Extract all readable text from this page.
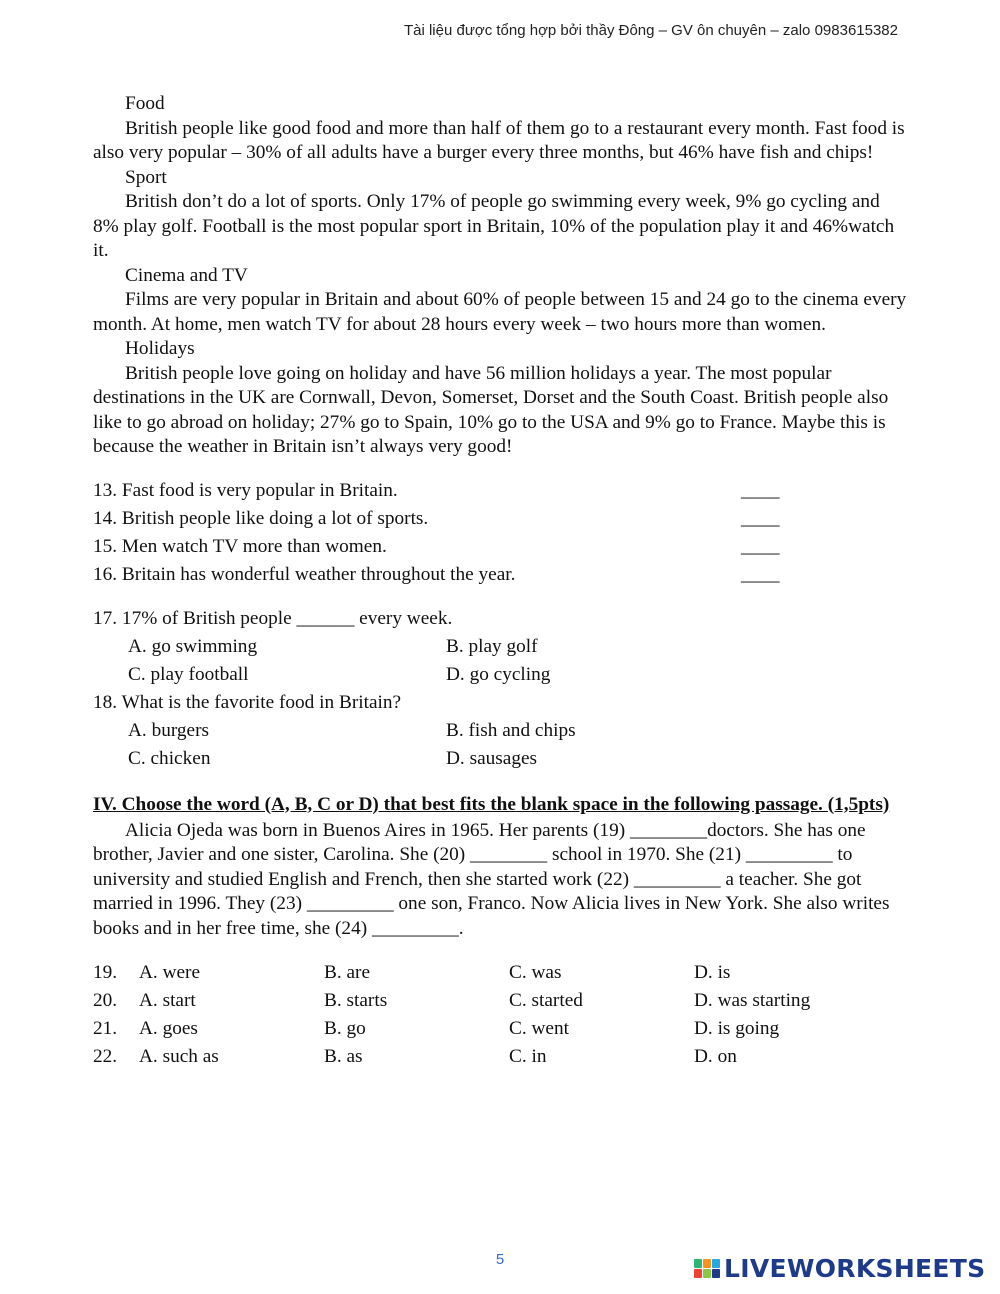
Tài liệu được tổng hợp bởi thầy Đông – GV ôn chuyên – zalo 0983615382
Food
British people like good food and more than half of them go to a restaurant every month. Fast food is also very popular – 30% of all adults have a burger every three months, but 46% have fish and chips!
Sport
British don’t do a lot of sports. Only 17% of people go swimming every week, 9% go cycling and 8% play golf. Football is the most popular sport in Britain, 10% of the population play it and 46%watch it.
Cinema and TV
Films are very popular in Britain and about 60% of people between 15 and 24 go to the cinema every month. At home, men watch TV for about 28 hours every week – two hours more than women.
Holidays
British people love going on holiday and have 56 million holidays a year. The most popular destinations in the UK are Cornwall, Devon, Somerset, Dorset and the South Coast. British people also like to go abroad on holiday; 27% go to Spain, 10% go to the USA and 9% go to France. Maybe this is because the weather in Britain isn’t always very good!
13. Fast food is very popular in Britain.	____
14. British people like doing a lot of sports.	____
15. Men watch TV more than women.	____
16. Britain has wonderful weather throughout the year.	____
17. 17% of British people ______ every week.
A. go swimming	B. play golf
C. play football	D. go cycling
18. What is the favorite food in Britain?
A. burgers	B. fish and chips
C. chicken	D. sausages
IV. Choose the word (A, B, C or D) that best fits the blank space in the following passage. (1,5pts)
Alicia Ojeda was born in Buenos Aires in 1965. Her parents (19) ________doctors. She has one brother, Javier and one sister, Carolina. She (20) ________ school in 1970. She (21) _________ to university and studied English and French, then she started work (22) _________ a teacher. She got married in 1996. They (23) _________ one son, Franco. Now Alicia lives in New York. She also writes books and in her free time, she (24) _________.
19.	A. were	B. are	C. was	D. is
20.	A. start	B. starts	C. started	D. was starting
21.	A. goes	B. go	C. went	D. is going
22.	A. such as	B. as	C. in	D. on
5	LIVEWORKSHEETS
